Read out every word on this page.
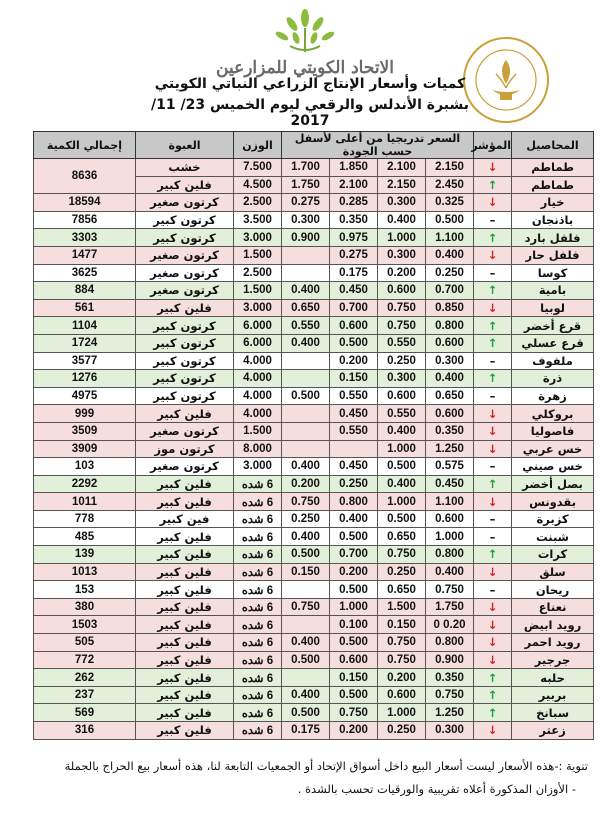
الاتحاد الكويتي للمزارعين
كميات وأسعار الإنتاج الزراعي النباتي الكويتي
بشبرة الأندلس والرقعي ليوم الخميس 23/ 11/ 2017
المحاصيل	المؤشر	السعر تدريجيا من أعلى لأسفل حسب الجودة				الوزن	العبوة	إجمالي الكمية
طماطم	↓	2.150	2.100	1.850	1.700	7.500	خشب	8636
طماطم	↑	2.450	2.150	2.100	1.750	4.500	فلين كبير	
خيار	↓	0.325	0.300	0.285	0.275	2.500	كرتون صغير	18594
باذنجان	–	0.500	0.400	0.350	0.300	3.500	كرتون كبير	7856
فلفل بارد	↑	1.100	1.000	0.975	0.900	3.000	كرتون كبير	3303
فلفل حار	↓	0.400	0.300	0.275		1.500	كرتون صغير	1477
كوسا	–	0.250	0.200	0.175		2.500	كرتون صغير	3625
بامية	↑	0.700	0.600	0.450	0.400	1.500	كرتون صغير	884
لوبيا	↓	0.850	0.750	0.700	0.650	3.000	فلين كبير	561
قرع أخضر	↑	0.800	0.750	0.600	0.550	6.000	كرتون كبير	1104
قرع عسلي	↑	0.600	0.550	0.500	0.400	6.000	كرتون كبير	1724
ملفوف	–	0.300	0.250	0.200		4.000	كرتون كبير	3577
ذرة	↑	0.400	0.300	0.150		4.000	كرتون كبير	1276
زهرة	–	0.650	0.600	0.550	0.500	4.000	كرتون كبير	4975
بروكلي	↓	0.600	0.550	0.450		4.000	فلين كبير	999
فاصوليا	↓	0.350	0.400	0.550		1.500	كرتون صغير	3509
خس عربي	↓	1.250	1.000			8.000	كرتون موز	3909
خس صيني	–	0.575	0.500	0.450	0.400	3.000	كرتون صغير	103
بصل أخضر	↑	0.450	0.400	0.250	0.200	6 شده	فلين كبير	2292
بقدونس	↓	1.100	1.000	0.800	0.750	6 شده	فلين كبير	1011
كزبرة	–	0.600	0.500	0.400	0.250	6 شده	فين كبير	778
شبنت	–	1.000	0.650	0.500	0.400	6 شده	فلين كبير	485
كرات	↑	0.800	0.750	0.700	0.500	6 شده	فلين كبير	139
سلق	↓	0.400	0.250	0.200	0.150	6 شده	فلين كبير	1013
ريحان	–	0.750	0.650	0.500		6 شده	فلين كبير	153
نعناع	↓	1.750	1.500	1.000	0.750	6 شده	فلين كبير	380
رويد ابيض	↓	0.20 0	0.150	0.100		6 شده	فلين كبير	1503
رويد احمر	↓	0.800	0.750	0.500	0.400	6 شده	فلين كبير	505
جرجير	↓	0.900	0.750	0.600	0.500	6 شده	فلين كبير	772
حلبه	↑	0.350	0.200	0.150		6 شده	فلين كبير	262
بربير	↑	0.750	0.600	0.500	0.400	6 شده	فلين كبير	237
سبانخ	↑	1.250	1.000	0.750	0.500	6 شده	فلين كبير	569
زعتر	↓	0.300	0.250	0.200	0.175	6 شده	فلين كبير	316
تنوية :-هذه الأسعار ليست أسعار البيع داخل أسواق الإتحاد أو الجمعيات التابعة لنا، هذه أسعار بيع الحراج بالجملة
- الأوزان المذكورة أعلاه تقريبية والورقيات تحسب بالشدة .
